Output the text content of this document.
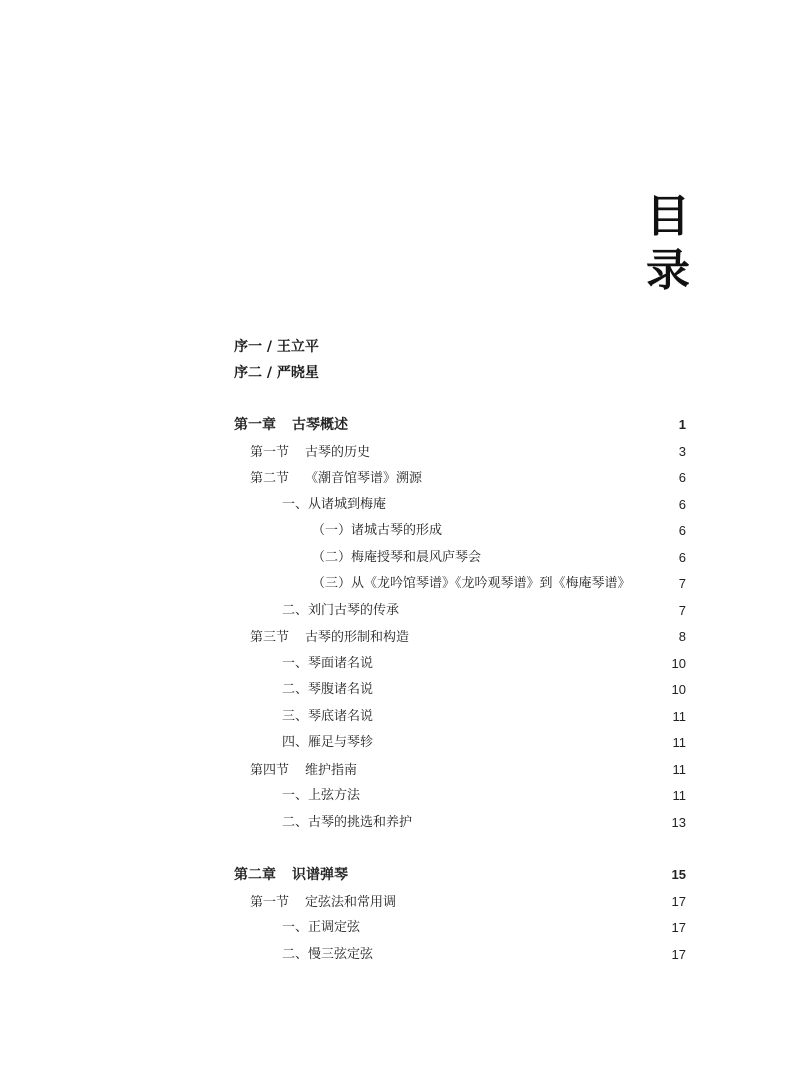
目
录
序一 / 王立平
序二 / 严晓星
第一章 古琴概述	1
第一节 古琴的历史	3
第二节 《潮音馆琴谱》溯源	6
一、从诸城到梅庵	6
（一）诸城古琴的形成	6
（二）梅庵授琴和晨风庐琴会	6
（三）从《龙吟馆琴谱》《龙吟观琴谱》到《梅庵琴谱》	7
二、刘门古琴的传承	7
第三节 古琴的形制和构造	8
一、琴面诸名说	10
二、琴腹诸名说	10
三、琴底诸名说	11
四、雁足与琴轸	11
第四节 维护指南	11
一、上弦方法	11
二、古琴的挑选和养护	13
第二章 识谱弹琴	15
第一节 定弦法和常用调	17
一、正调定弦	17
二、慢三弦定弦	17
